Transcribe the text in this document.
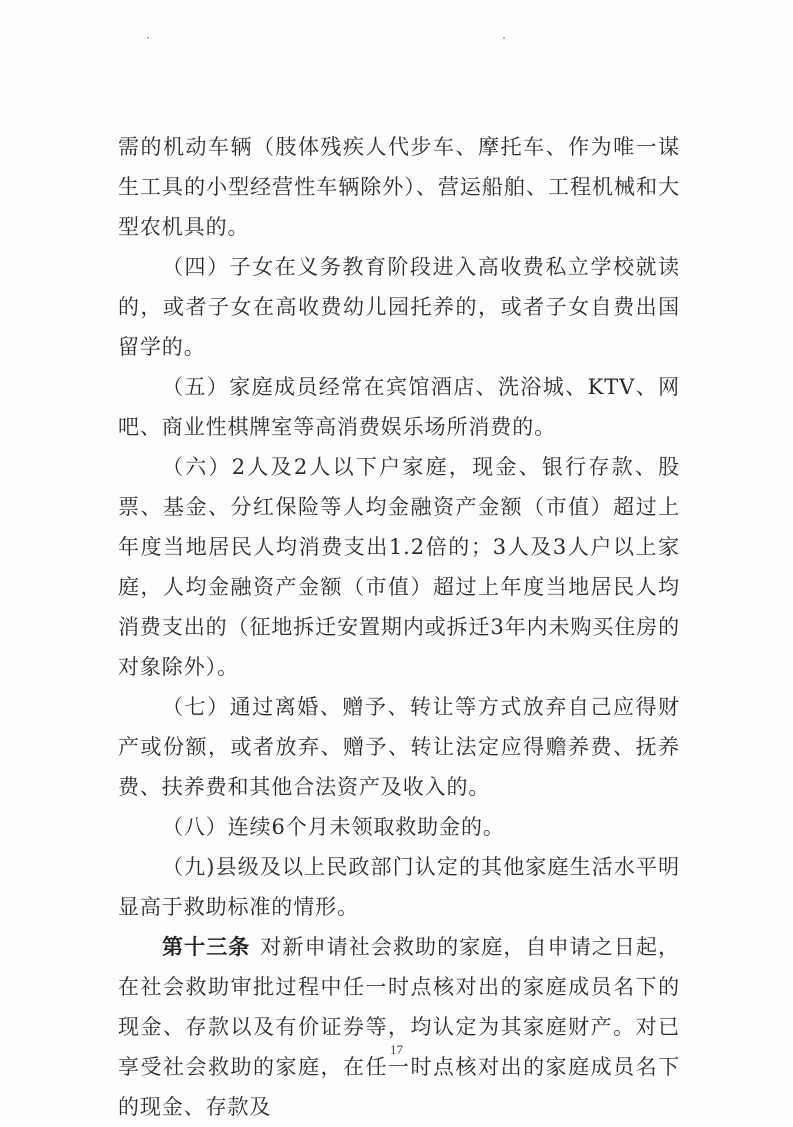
需的机动车辆（肢体残疾人代步车、摩托车、作为唯一谋生工具的小型经营性车辆除外）、营运船舶、工程机械和大型农机具的。

（四）子女在义务教育阶段进入高收费私立学校就读的，或者子女在高收费幼儿园托养的，或者子女自费出国留学的。

（五）家庭成员经常在宾馆酒店、洗浴城、KTV、网吧、商业性棋牌室等高消费娱乐场所消费的。

（六）2人及2人以下户家庭，现金、银行存款、股票、基金、分红保险等人均金融资产金额（市值）超过上年度当地居民人均消费支出1.2倍的；3人及3人户以上家庭，人均金融资产金额（市值）超过上年度当地居民人均消费支出的（征地拆迁安置期内或拆迁3年内未购买住房的对象除外）。

（七）通过离婚、赠予、转让等方式放弃自己应得财产或份额，或者放弃、赠予、转让法定应得赡养费、抚养费、扶养费和其他合法资产及收入的。

（八）连续6个月未领取救助金的。

（九)县级及以上民政部门认定的其他家庭生活水平明显高于救助标准的情形。

第十三条 对新申请社会救助的家庭，自申请之日起，在社会救助审批过程中任一时点核对出的家庭成员名下的现金、存款以及有价证券等，均认定为其家庭财产。对已享受社会救助的家庭，在任一时点核对出的家庭成员名下的现金、存款及

17
